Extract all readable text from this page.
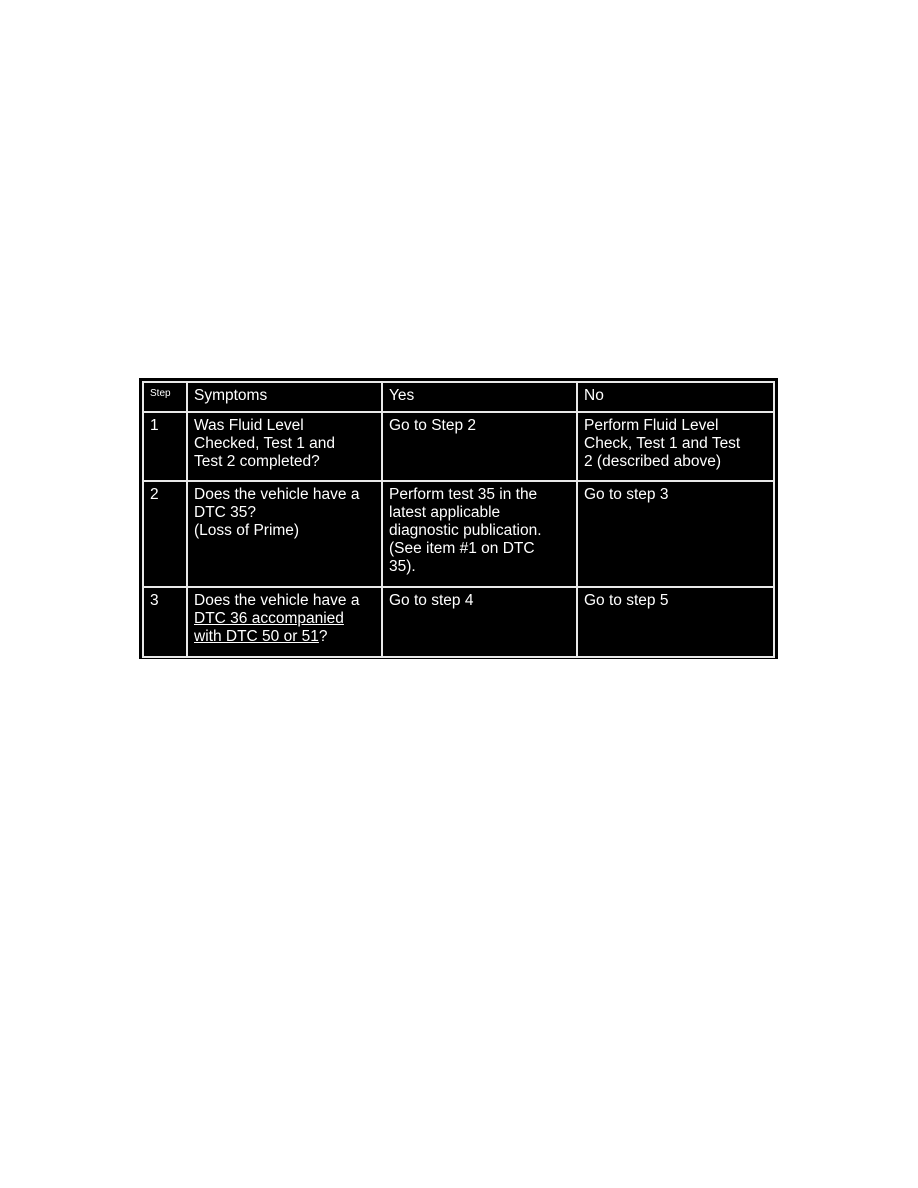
Step	Symptoms	Yes	No
1	Was Fluid Level
Checked, Test 1 and
Test 2 completed?	Go to Step 2	Perform Fluid Level
Check, Test 1 and Test
2 (described above)

2	Does the vehicle have a
DTC 35?
(Loss of Prime)	Perform test 35 in the
latest applicable
diagnostic publication.
(See item #1 on DTC
35).	Go to step 3

3	Does the vehicle have a
DTC 36 accompanied
with DTC 50 or 51?	Go to step 4	Go to step 5
